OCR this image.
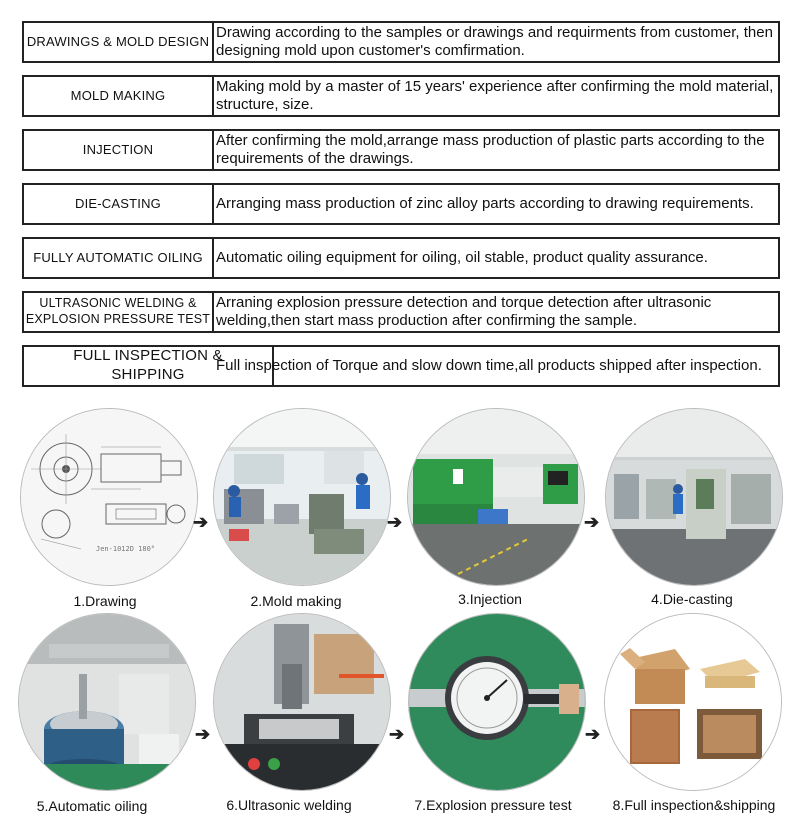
DRAWINGS & MOLD DESIGN
Drawing according to the samples or drawings and requirments from customer, then designing mold upon customer's comfirmation.
MOLD MAKING
Making mold by a master of 15 years' experience after confirming the mold material, structure, size.
INJECTION
After confirming the mold,arrange mass production of plastic parts according to the requirements of the drawings.
DIE-CASTING	Arranging mass production of zinc alloy parts according to drawing requirements.
FULLY AUTOMATIC OILING Automatic oiling equipment for oiling, oil stable, product quality assurance.
ULTRASONIC WELDING & EXPLOSION PRESSURE TEST
Arraning explosion pressure detection and torque detection after ultrasonic welding,then start mass production after confirming the sample.
FULL INSPECTION & SHIPPING
Full inspection of Torque and slow down time,all products shipped after inspection.
Jen-1012D 180°
1.Drawing
➔
2.Mold making
➔
3.Injection
➔
4.Die-casting
5.Automatic oiling
➔
6.Ultrasonic welding
➔
7.Explosion pressure test
➔
8.Full inspection&shipping
